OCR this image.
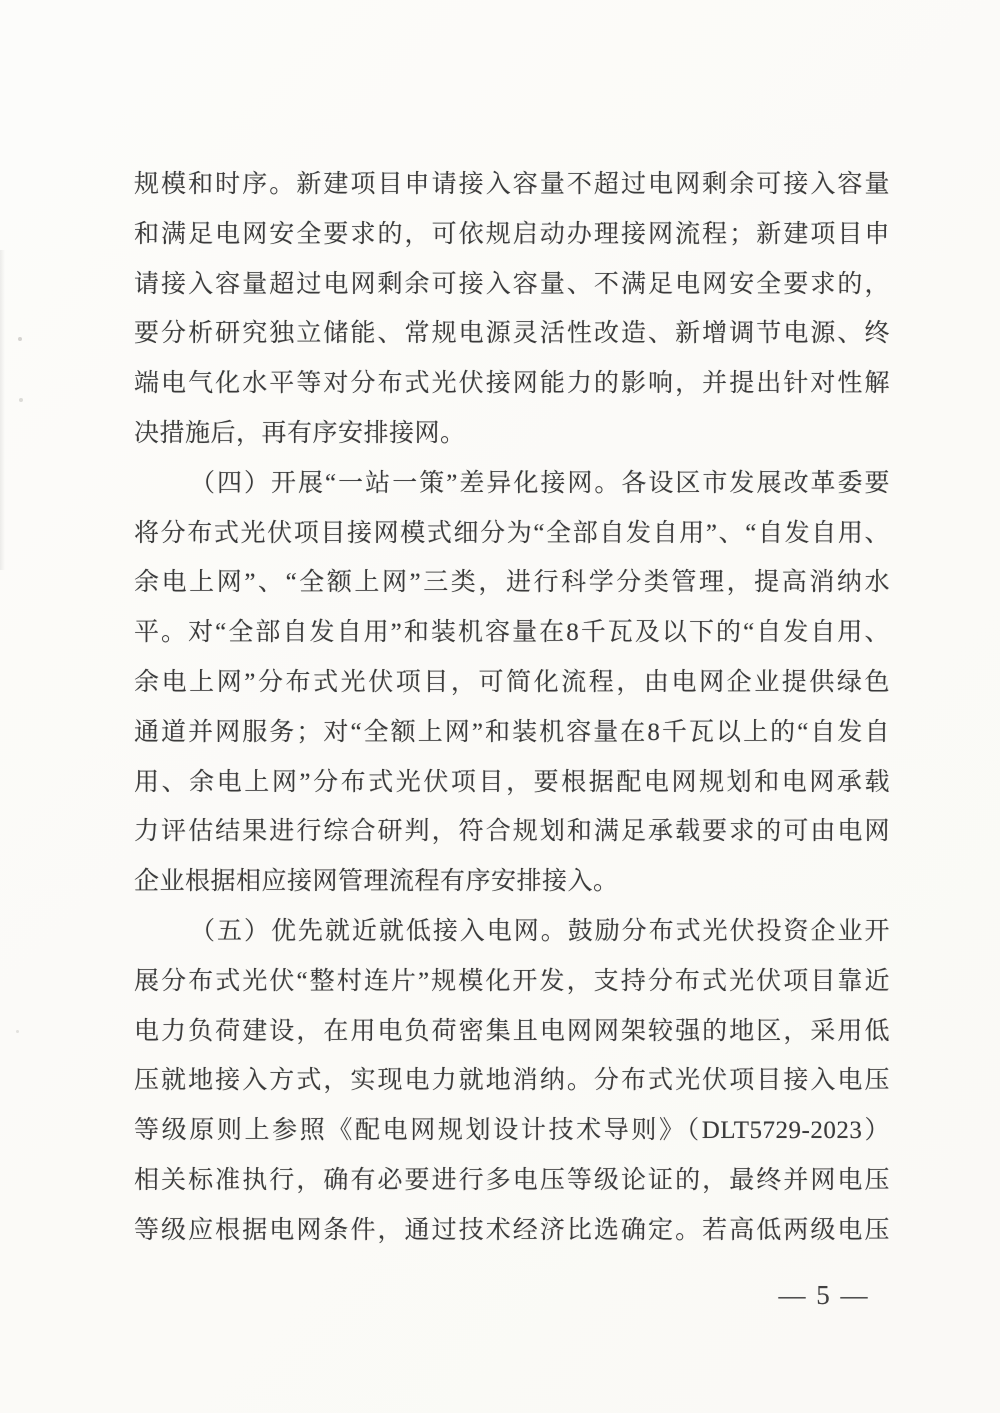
规模和时序。新建项目申请接入容量不超过电网剩余可接入容量

和满足电网安全要求的，可依规启动办理接网流程；新建项目申

请接入容量超过电网剩余可接入容量、不满足电网安全要求的，

要分析研究独立储能、常规电源灵活性改造、新增调节电源、终

端电气化水平等对分布式光伏接网能力的影响，并提出针对性解

决措施后，再有序安排接网。

（四）开展“一站一策”差异化接网。各设区市发展改革委要

将分布式光伏项目接网模式细分为“全部自发自用”、“自发自用、

余电上网”、“全额上网”三类，进行科学分类管理，提高消纳水

平。对“全部自发自用”和装机容量在8千瓦及以下的“自发自用、

余电上网”分布式光伏项目，可简化流程，由电网企业提供绿色

通道并网服务；对“全额上网”和装机容量在8千瓦以上的“自发自

用、余电上网”分布式光伏项目，要根据配电网规划和电网承载

力评估结果进行综合研判，符合规划和满足承载要求的可由电网

企业根据相应接网管理流程有序安排接入。

（五）优先就近就低接入电网。鼓励分布式光伏投资企业开

展分布式光伏“整村连片”规模化开发，支持分布式光伏项目靠近

电力负荷建设，在用电负荷密集且电网网架较强的地区，采用低

压就地接入方式，实现电力就地消纳。分布式光伏项目接入电压

等级原则上参照《配电网规划设计技术导则》（DLT5729-2023）

相关标准执行，确有必要进行多电压等级论证的，最终并网电压

等级应根据电网条件，通过技术经济比选确定。若高低两级电压

— 5 —
